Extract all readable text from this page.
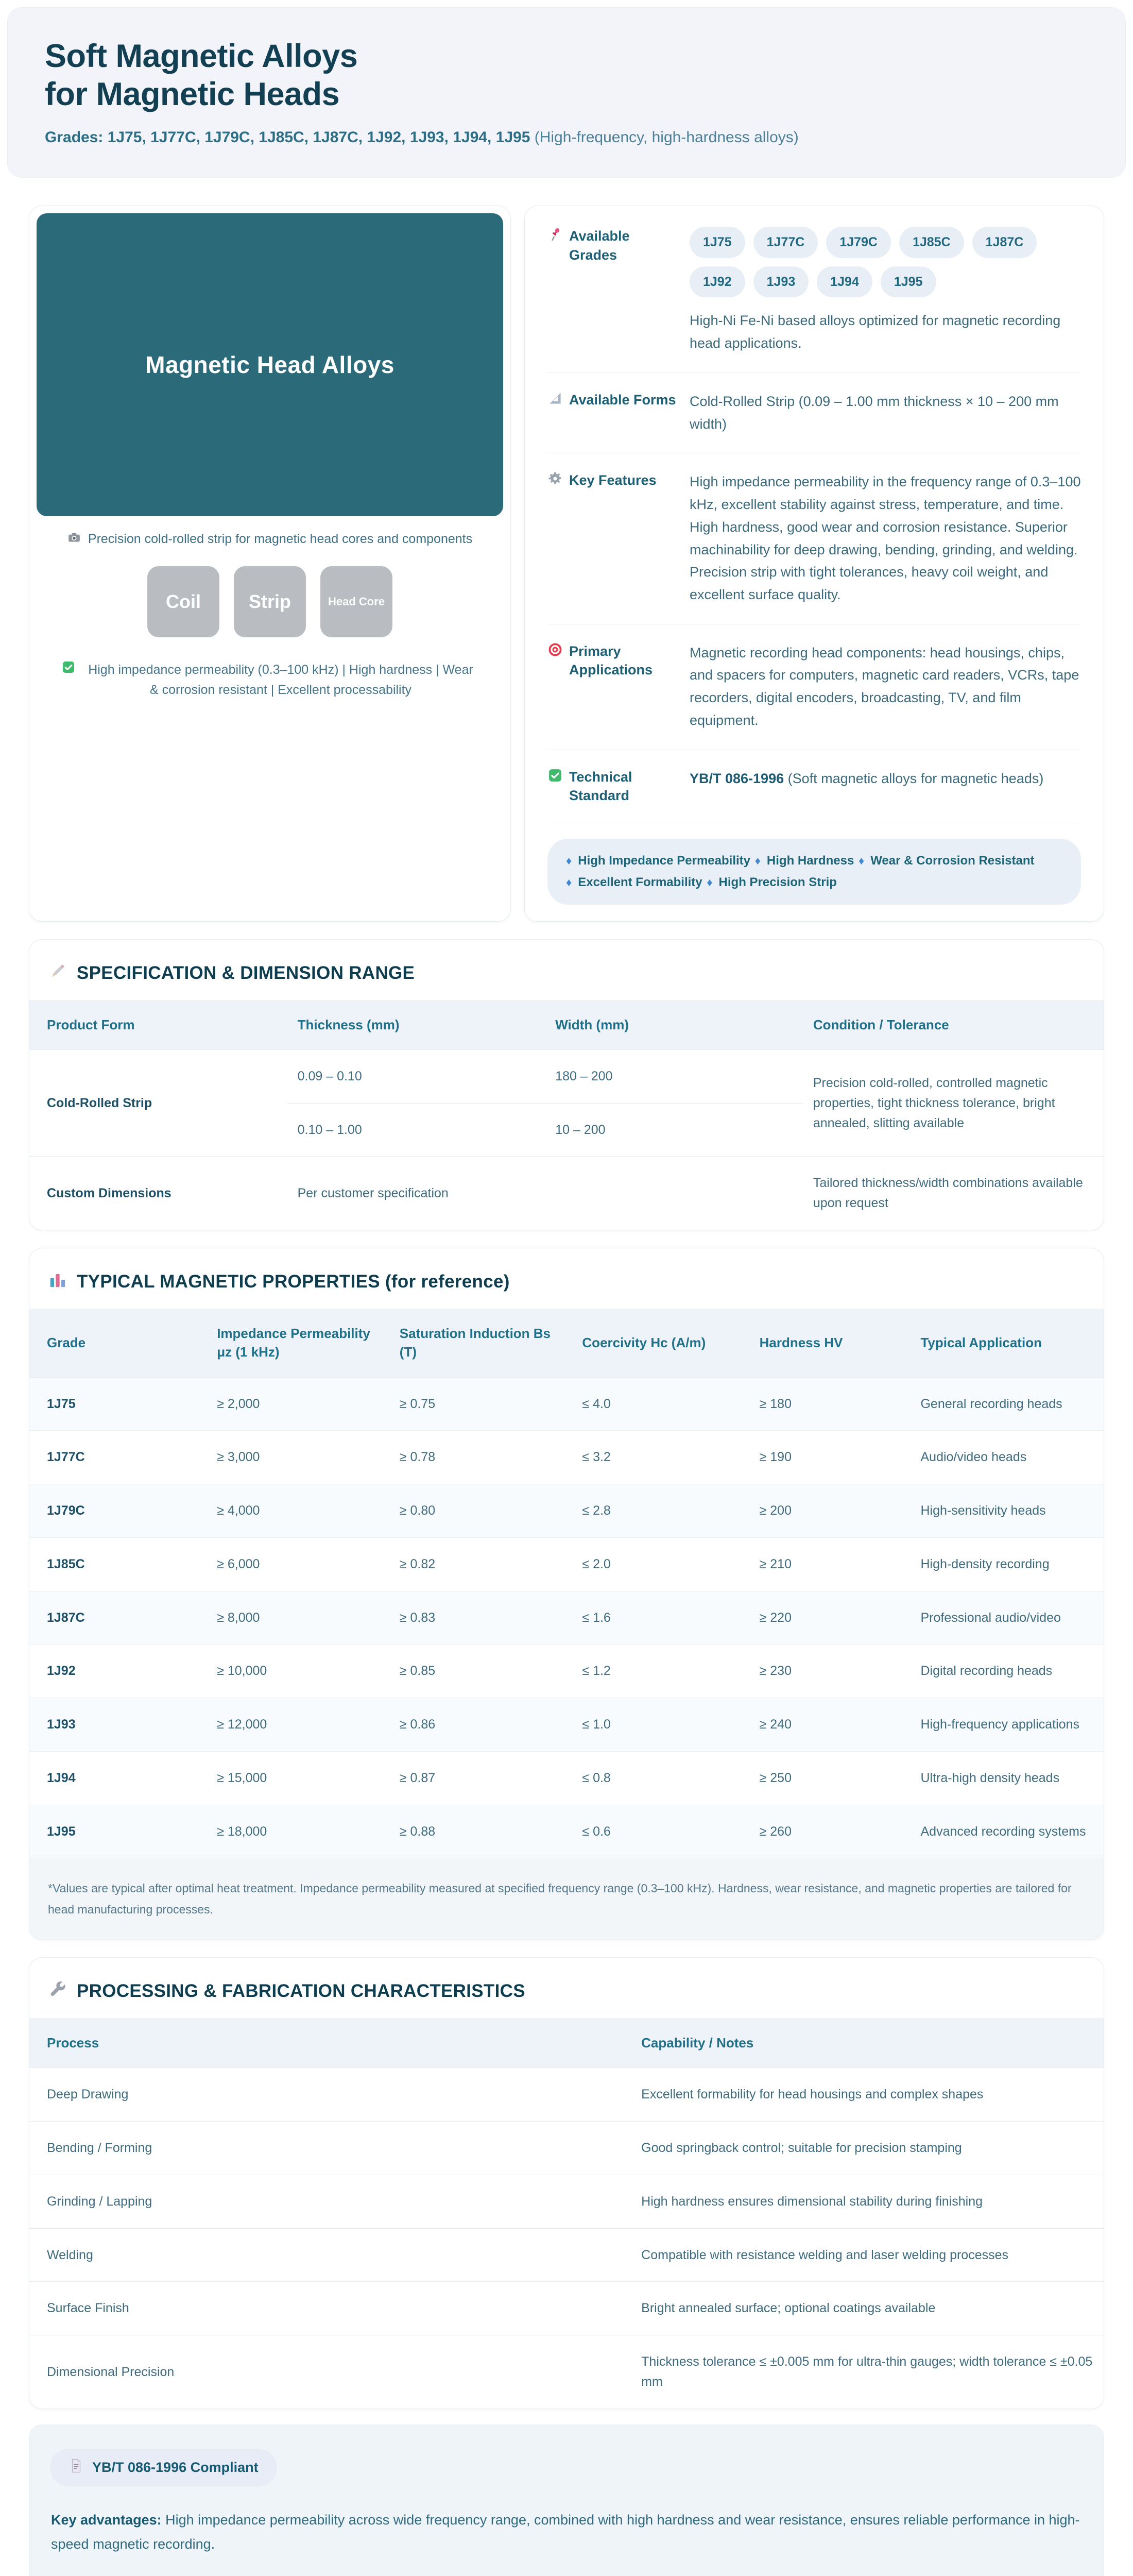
Soft Magnetic Alloys
for Magnetic Heads
Grades: 1J75, 1J77C, 1J79C, 1J85C, 1J87C, 1J92, 1J93, 1J94, 1J95 (High-frequency, high-hardness alloys)
Magnetic Head Alloys
Precision cold-rolled strip for magnetic head cores and components
Coil	Strip	Head Core
High impedance permeability (0.3–100 kHz) | High hardness | Wear & corrosion resistant | Excellent processability
Available Grades
1J75	1J77C	1J79C	1J85C	1J87C
1J92	1J93	1J94	1J95
High-Ni Fe-Ni based alloys optimized for magnetic recording head applications.
Available Forms Cold-Rolled Strip (0.09 – 1.00 mm thickness × 10 – 200 mm width)
Key Features High impedance permeability in the frequency range of 0.3–100 kHz, excellent stability against stress, temperature, and time. High hardness, good wear and corrosion resistance. Superior machinability for deep drawing, bending, grinding, and welding. Precision strip with tight tolerances, heavy coil weight, and excellent surface quality.
Primary Applications
Magnetic recording head components: head housings, chips, and spacers for computers, magnetic card readers, VCRs, tape recorders, digital encoders, broadcasting, TV, and film equipment.
Technical Standard
YB/T 086-1996 (Soft magnetic alloys for magnetic heads)
♦ High Impedance Permeability ♦ High Hardness ♦ Wear & Corrosion Resistant ♦ Excellent Formability ♦ High Precision Strip
SPECIFICATION & DIMENSION RANGE
Product Form	Thickness (mm)	Width (mm)	Condition / Tolerance
Cold-Rolled Strip	0.09 – 0.10	180 – 200	Precision cold-rolled, controlled magnetic properties, tight thickness tolerance, bright annealed, slitting available
	0.10 – 1.00	10 – 200	
Custom Dimensions	Per customer specification		Tailored thickness/width combinations available upon request
TYPICAL MAGNETIC PROPERTIES (for reference)
Grade	Impedance Permeability μz (1 kHz)	Saturation Induction Bs (T)	Coercivity Hc (A/m)	Hardness HV	Typical Application
1J75	≥ 2,000	≥ 0.75	≤ 4.0	≥ 180	General recording heads
1J77C	≥ 3,000	≥ 0.78	≤ 3.2	≥ 190	Audio/video heads
1J79C	≥ 4,000	≥ 0.80	≤ 2.8	≥ 200	High-sensitivity heads
1J85C	≥ 6,000	≥ 0.82	≤ 2.0	≥ 210	High-density recording
1J87C	≥ 8,000	≥ 0.83	≤ 1.6	≥ 220	Professional audio/video
1J92	≥ 10,000	≥ 0.85	≤ 1.2	≥ 230	Digital recording heads
1J93	≥ 12,000	≥ 0.86	≤ 1.0	≥ 240	High-frequency applications
1J94	≥ 15,000	≥ 0.87	≤ 0.8	≥ 250	Ultra-high density heads
1J95	≥ 18,000	≥ 0.88	≤ 0.6	≥ 260	Advanced recording systems
*Values are typical after optimal heat treatment. Impedance permeability measured at specified frequency range (0.3–100 kHz). Hardness, wear resistance, and magnetic properties are tailored for head manufacturing processes.
PROCESSING & FABRICATION CHARACTERISTICS
Process	Capability / Notes
Deep Drawing	Excellent formability for head housings and complex shapes
Bending / Forming	Good springback control; suitable for precision stamping
Grinding / Lapping	High hardness ensures dimensional stability during finishing
Welding	Compatible with resistance welding and laser welding processes
Surface Finish	Bright annealed surface; optional coatings available
Dimensional Precision	Thickness tolerance ≤ ±0.005 mm for ultra-thin gauges; width tolerance ≤ ±0.05 mm
YB/T 086-1996 Compliant
Key advantages: High impedance permeability across wide frequency range, combined with high hardness and wear resistance, ensures reliable performance in high-speed magnetic recording.
